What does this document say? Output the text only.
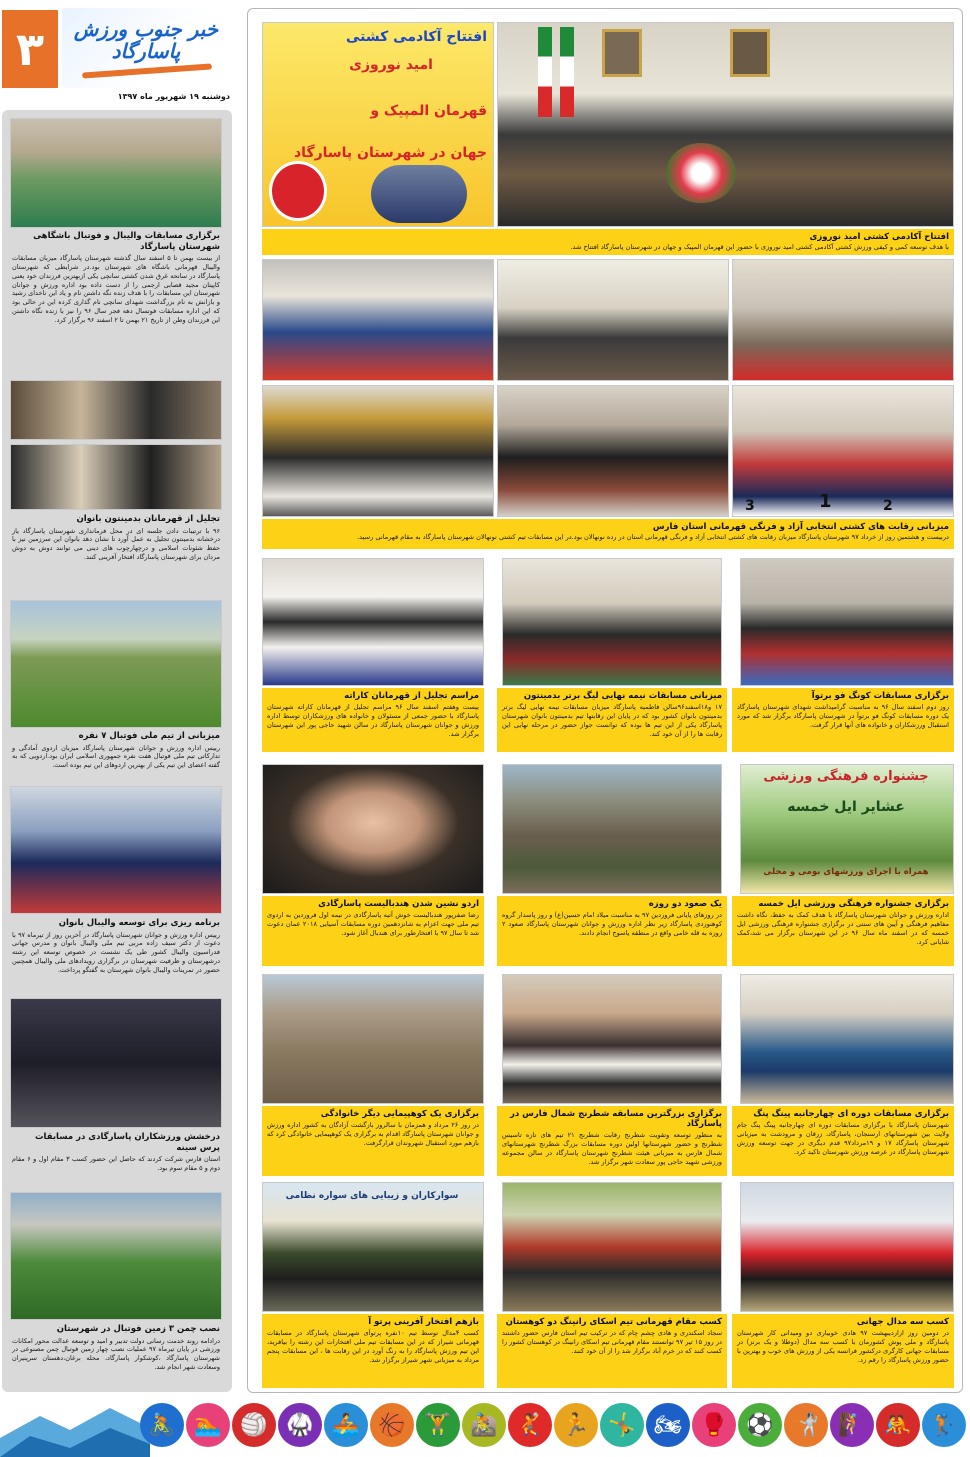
۳	خبر جنوب ورزش پاسارگاد
دوشنبه ۱۹ شهریور ماه ۱۳۹۷
برگزاری مسابقات والیبال و فوتبال باشگاهی شهرستان پاسارگاد

از بیست بهمن تا ۵ اسفند سال گذشته شهرستان پاسارگاد میزبان مسابقات والیبال قهرمانی باشگاه های شهرستان بود.در شرایطی که شهرستان پاسارگاد در سانحه غرق شدن کشتی سانچی یکی ازبهترین فرزندان خود یعنی کاپیتان مجید قصابی ارجمی را از دست داده بود اداره ورزش و جوانان شهرستان این مسابقات را با هدف زنده نگه داشتن نام و یاد این ناخدای رشید و بازانش به نام بزرگداشت شهدای سانچی نام گذاری کرده این در حالی بود که این اداره مسابقات فوتسال دهه فجر سال ۹۶ را نیز با زنده نگاه داشتن این فرزندان وطن از تاریخ ۲۱ بهمن تا ۲ اسفند ۹۶ برگزار کرد.

تجلیل از قهرمانان بدمینتون بانوان

۹۶ با ترتیبات دادن جلسه ای در محل فرمانداری شهرستان پاسارگاد یاز درخشانه بدمینتون تجلیل به عمل آورد تا نشان دهد بانوان این سرزمین نیز با حفظ شئونات اسلامی و درچهارچوب های دینی می توانند دوش به دوش مردان برای شهرستان پاسارگاد افتخار آفرینی کنند.

میزبانی از تیم ملی فوتبال ۷ نفره

رییس اداره ورزش و جوانان شهرستان پاسارگاد میزبان اردوی آمادگی و تدارکاتی تیم ملی فوتبال هفت نفره جمهوری اسلامی ایران بود.اردویی که به گفته اعضای این تیم یکی از بهترین اردوهای این تیم بوده است.

برنامه ریزی برای توسعه والیبال بانوان

رییس اداره ورزش و جوانان شهرستان پاسارگاد در آخرین روز از تیرماه ۹۷ با دعوت از دکتر سیف زاده مربی تیم ملی والیبال بانوان و مدرس جهانی فدراسیون والیبال کشور طی یک نشست در خصوص توسعه این رشته درشهرستان و ظرفیت شهرستان در برگزاری رویدادهای ملی والیبال همچنین حضور در تمرینات والیبال بانوان شهرستان به گفتگو پرداخت.

درخشش ورزشکاران پاسارگادی در مسابقات پرس سینه

استان فارس شرکت کردند که حاصل این حضور کسب ۳ مقام اول و ۶ مقام دوم و ۵ مقام سوم بود.

نصب چمن ۳ زمین فوتبال در شهرستان

درادامه روند خدمت رسانی دولت تدبیر و امید و توسعه عدالت محور امکانات ورزشی در پایان تیرماه ۹۷ عملیات نصب چهار زمین فوتبال چمن مصنوعی در شهرستان پاسارگاد ،کوشکوار پاسارگاد، محله برغان،دهستان سرپنیران وسعادت شهر انجام شد.

افتتاح آکادمی کشتی
امید نوروزی
قهرمان المپیک و
جهان در شهرستان پاسارگاد
افتتاح آکادمی کشتی امید نوروزی

با هدف توسعه کمی و کیفی ورزش کشتی آکادمی کشتی امید نوروزی با حضور این قهرمان المپیک و جهان در شهرستان پاسارگاد افتتاح شد.

3	1	2
میزبانی رقابت های کشتی انتخابی آزاد و فرنگی قهرمانی استان فارس

دربیست و هشتمین روز از خرداد ۹۷ شهرستان پاسارگاد میزبان رقابت های کشتی انتخابی آزاد و فرنگی قهرمانی استان در رده نونهالان بود.در این مسابقات تیم کشتی نونهالان شهرستان پاسارگاد به مقام قهرمانی رسید.

برگزاری مسابقات کونگ فو برتوآ

روز دوم اسفند سال ۹۶ به مناسبت گرامیداشت شهدای شهرستان پاسارگاد یک دوره مسابقات کونگ فو برتوآ در شهرستان پاسارگاد برگزار شد که مورد استقبال ورزشکاران و خانواده های آنها قرار گرفت.

میزبانی مسابقات نیمه نهایی لیگ برتر بدمینتون

۱۷ و۱۸اسفند۹۶سالن فاطمیه پاسارگاد میزبان مسابقات نیمه نهایی لیگ برتر بدمینتون بانوان کشور بود که در پایان این رقابتها تیم بدمینتون بانوان شهرستان پاسارگاد یکی از این تیم ها بوده که توانست جواز حضور در مرحله نهایی این رقابت ها را از آن خود کند.

مراسم تجلیل از قهرمانان کاراته

بیست وهفتم اسفند سال ۹۶ مراسم تجلیل از قهرمانان کاراته شهرستان پاسارگاد با حضور جمعی از مسئولان و خانواده های ورزشکاران توسط اداره ورزش و جوانان شهرستان پاسارگاد در سالن شهید حاجی پور این شهرستان برگزار شد.

جشنواره فرهنگی ورزشی
عشایر ایل خمسه
همراه با اجرای ورزشهای بومی و محلی
برگزاری جشنواره فرهنگی ورزشی ایل خمسه

اداره ورزش و جوانان شهرستان پاسارگاد با هدف کمک به حفظ، نگاه داشت مفاهیم فرهنگی و آیین های سنتی در برگزاری جشنواره فرهنگی ورزشی ایل خمسه که در اسفند ماه سال ۹۶ در این شهرستان برگزار می شد،کمک شایانی کرد.

یک صعود دو روزه

در روزهای پایانی فروردین ۹۷ به مناسبت میلاد امام حسین(ع) و روز پاسدار گروه کوهنوردی پاسارگاد زیر نظر اداره ورزش و جوانان شهرستان پاسارگاد صعود ۲ روزه به قله خامی واقع در منطقه یاسوج انجام دادند.

اردو نشین شدن هندبالیست پاسارگادی

رضا صفرپور هندبالیست خوش آتیه پاسارگادی در نیمه اول فروردین به اردوی تیم ملی جهت اعزام به شانزدهمین دوره مسابقات آسیایی ۲۰۱۸ عمان دعوت شد تا سال ۹۷ با افتخارطور برای هندبال آغاز شود.

برگزاری مسابقات دوره ای چهارجانبه پینگ پنگ

شهرستان پاسارگاد با برگزاری مسابقات دوره ای چهارجانبه پینگ پنگ جام ولایت بین شهرستانهای ارسنجان، پاسارگاد، زرقان و مرودشت به میزبانی شهرستان پاسارگاد ۱۷ و ۱۹مرداد۹۷ قدم دیگری در جهت توسعه ورزش شهرستان پاسارگاد در عرصه ورزش شهرستان تاکید کرد.

برگزاری بزرگترین مسابقه شطرنج شمال فارس در پاسارگاد

به منظور توسعه وتقویت شطرنج رقابت شطرنج ۲۱ تیم های تازه تاسیس شطرنج و حضور شهرستانها اولین دوره مسابقات بزرگ شطرنج شهرستانهای شمال فارس به میزبانی هیئت شطرنج شهرستان پاسارگاد در سالن مجموعه ورزشی شهید حاجی پور سعادت شهر برگزار شد.

برگزاری یک کوهپیمایی دیگر خانوادگی

در روز ۲۶ مرداد و همزمان با سالروز بازگشت آزادگان به کشور اداره ورزش و جوانان شهرستان پاسارگاد اقدام به برگزاری یک کوهپیمایی خانوادگی کرد که بازهم مورد استقبال شهروندان قرارگرفت.

کسب سه مدال جهانی

در دومین روز ازاردیبهشت ۹۷ هادی خوبیاری دو ومیدانی کار شهرستان پاسارگاد و ملی پوش کشورمان با کسب سه مدال (دوطلا و یک برنز) در مسابقات جهانی کارگری درکشور فرانسه یکی از ورزش های خوب و بهترین با حضور ورزش پاسارگاد را رقم زد.

کسب مقام قهرمانی تیم اسکای رانینگ دو کوهستان

سجاد اسکندری و هادی چشم چام که در ترکیب تیم استان فارس حضور داشتند در روز ۱۵ تیر ۹۷ توانستند مقام قهرمانی تیم اسکای رانینگ در کوهستان کشور را کسب کنند که در خرم آباد برگزار شد را از آن خود کنند.

سوارکاران و زیبایی های سواره نظامی
بازهم افتخار آفرینی پرتو آ

کسب ۴مدال توسط تیم ۱۰نفره پرتوآی شهرستان پاسارگاد در مسابقات قهرمانی شیراز که در این مسابقات تیم ملی افتخارات این رشته را بیافرید، این تیم ورزش پاسارگاد را به رنگ آورد در این رقابت ها ، این مسابقات پنجم مرداد به میزبانی شهر شیراز برگزار شد.

🚴 🏊 🏐 🥋 🚣 🏀 🏋 🚵 🤾 🏃 🤸 🏍 🥊 ⚽ 🤺 🧗 🤼 🏌
